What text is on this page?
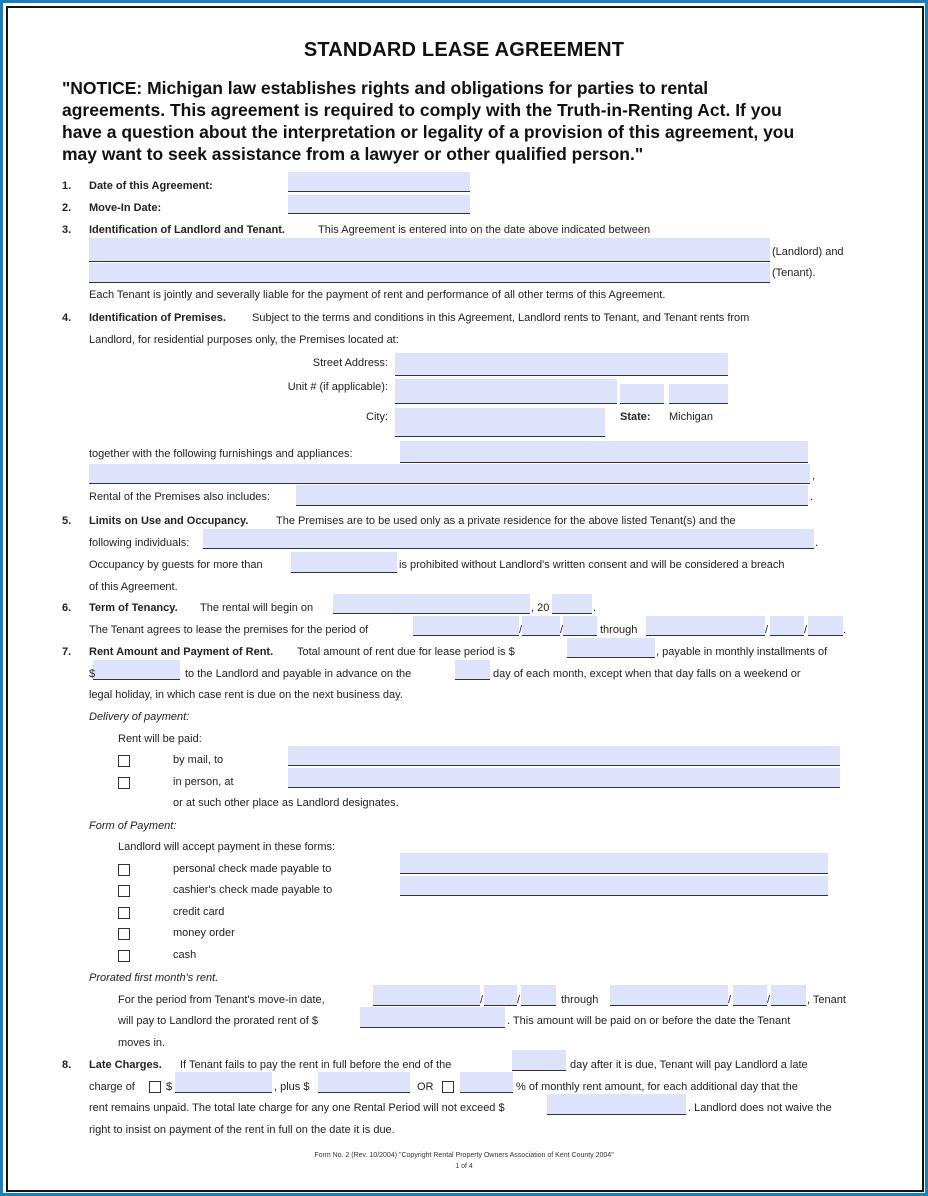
STANDARD LEASE AGREEMENT
"NOTICE: Michigan law establishes rights and obligations for parties to rental
agreements. This agreement is required to comply with the Truth-in-Renting Act. If you
have a question about the interpretation or legality of a provision of this agreement, you
may want to seek assistance from a lawyer or other qualified person."
1. Date of this Agreement:
2. Move-In Date:
3. Identification of Landlord and Tenant.	This Agreement is entered into on the date above indicated between
(Landlord) and
(Tenant).
Each Tenant is jointly and severally liable for the payment of rent and performance of all other terms of this Agreement.
4. Identification of Premises. Subject to the terms and conditions in this Agreement, Landlord rents to Tenant, and Tenant rents from
Landlord, for residential purposes only, the Premises located at:
Street Address:
Unit # (if applicable):
City:	State: Michigan
together with the following furnishings and appliances:
,
Rental of the Premises also includes:	.
5. Limits on Use and Occupancy.	The Premises are to be used only as a private residence for the above listed Tenant(s) and the
following individuals:	.
Occupancy by guests for more than	is prohibited without Landlord's written consent and will be considered a breach
of this Agreement.
6. Term of Tenancy. The rental will begin on	, 20	.
The Tenant agrees to lease the premises for the period of	/	/	through	/	/	.
7. Rent Amount and Payment of Rent. Total amount of rent due for lease period is $	, payable in monthly installments of
$	to the Landlord and payable in advance on the	day of each month, except when that day falls on a weekend or
legal holiday, in which case rent is due on the next business day.
Delivery of payment:
Rent will be paid:
by mail, to
in person, at
or at such other place as Landlord designates.
Form of Payment:
Landlord will accept payment in these forms:
personal check made payable to
cashier's check made payable to
credit card
money order
cash
Prorated first month's rent.
For the period from Tenant's move-in date,	/	/	through	/	/	, Tenant
will pay to Landlord the prorated rent of $	. This amount will be paid on or before the date the Tenant
moves in.
8. Late Charges. If Tenant fails to pay the rent in full before the end of the	day after it is due, Tenant will pay Landlord a late
charge of	$	, plus $	OR	% of monthly rent amount, for each additional day that the
rent remains unpaid. The total late charge for any one Rental Period will not exceed $	. Landlord does not waive the
right to insist on payment of the rent in full on the date it is due.
Form No. 2 (Rev. 10/2004) "Copyright Rental Property Owners Association of Kent County 2004"
1 of 4
